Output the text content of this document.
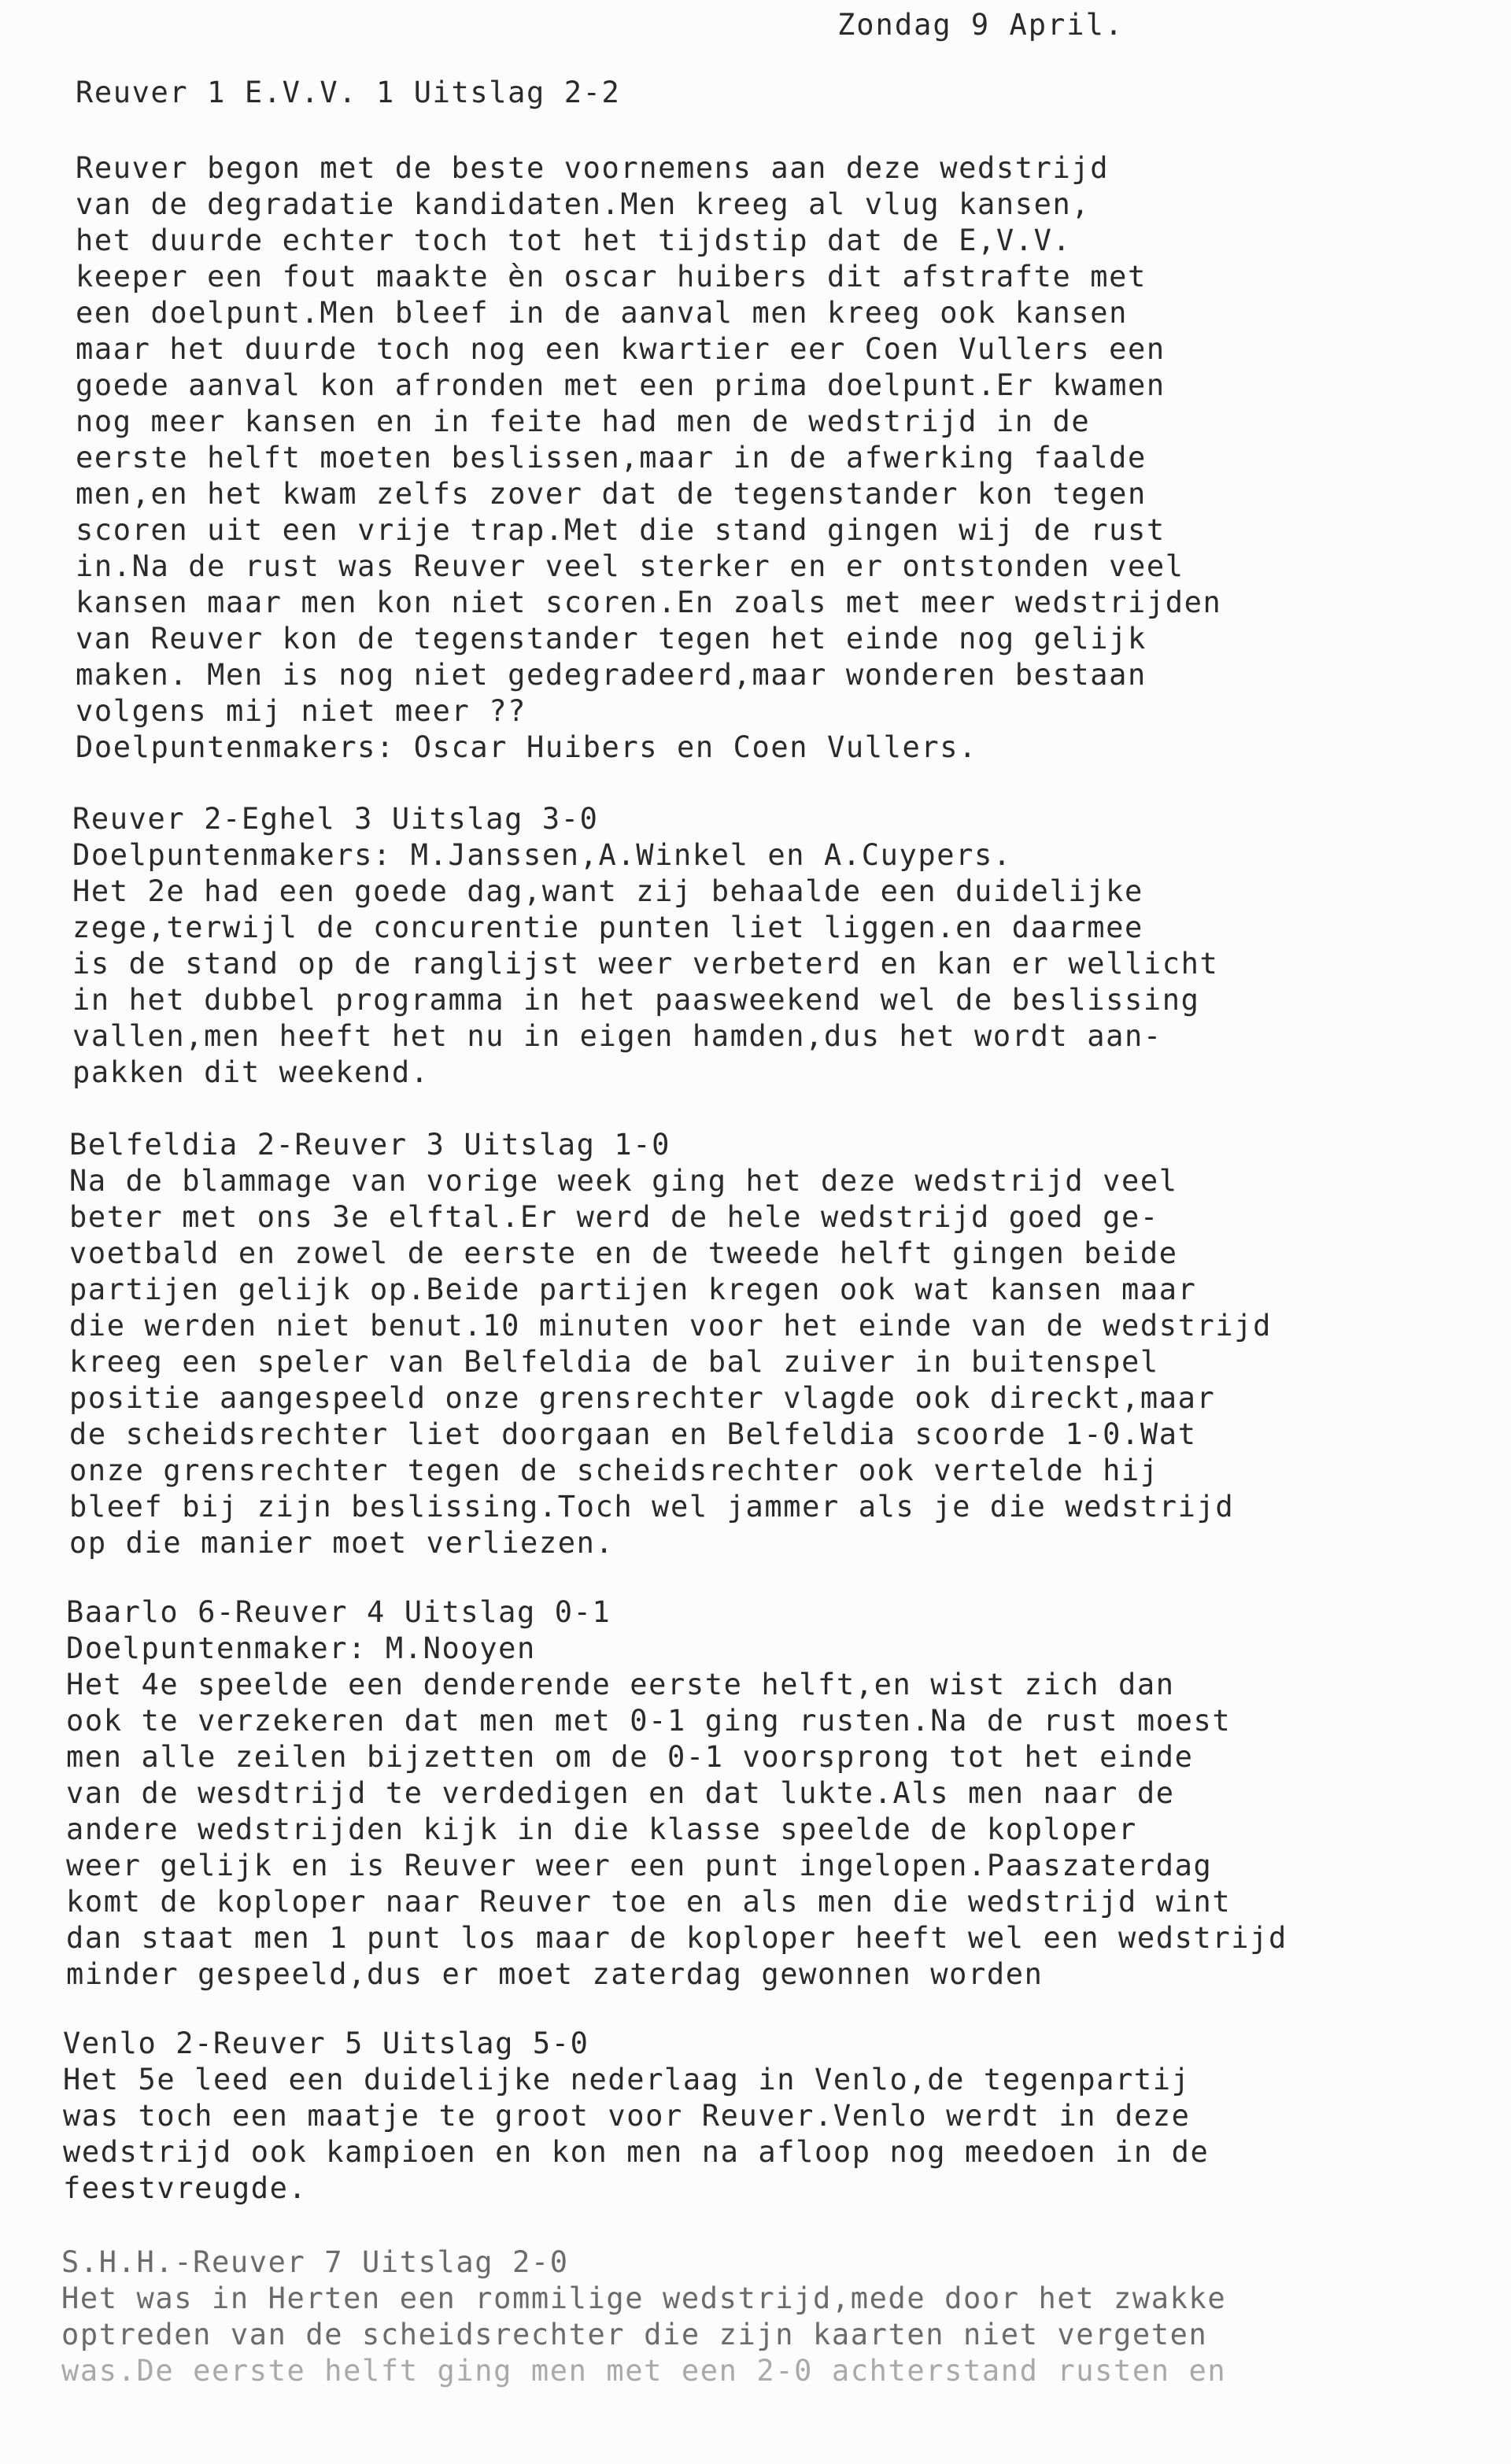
Zondag 9 April.
Reuver 1 E.V.V. 1 Uitslag 2-2
Reuver begon met de beste voornemens aan deze wedstrijd
van de degradatie kandidaten.Men kreeg al vlug kansen,
het duurde echter toch tot het tijdstip dat de E,V.V.
keeper een fout maakte èn oscar huibers dit afstrafte met
een doelpunt.Men bleef in de aanval men kreeg ook kansen
maar het duurde toch nog een kwartier eer Coen Vullers een
goede aanval kon afronden met een prima doelpunt.Er kwamen
nog meer kansen en in feite had men de wedstrijd in de
eerste helft moeten beslissen,maar in de afwerking faalde
men,en het kwam zelfs zover dat de tegenstander kon tegen
scoren uit een vrije trap.Met die stand gingen wij de rust
in.Na de rust was Reuver veel sterker en er ontstonden veel
kansen maar men kon niet scoren.En zoals met meer wedstrijden
van Reuver kon de tegenstander tegen het einde nog gelijk
maken. Men is nog niet gedegradeerd,maar wonderen bestaan
volgens mij niet meer ??
Doelpuntenmakers: Oscar Huibers en Coen Vullers.
Reuver 2-Eghel 3 Uitslag 3-0
Doelpuntenmakers: M.Janssen,A.Winkel en A.Cuypers.
Het 2e had een goede dag,want zij behaalde een duidelijke
zege,terwijl de concurentie punten liet liggen.en daarmee
is de stand op de ranglijst weer verbeterd en kan er wellicht
in het dubbel programma in het paasweekend wel de beslissing
vallen,men heeft het nu in eigen hamden,dus het wordt aan-
pakken dit weekend.
Belfeldia 2-Reuver 3 Uitslag 1-0
Na de blammage van vorige week ging het deze wedstrijd veel
beter met ons 3e elftal.Er werd de hele wedstrijd goed ge-
voetbald en zowel de eerste en de tweede helft gingen beide
partijen gelijk op.Beide partijen kregen ook wat kansen maar
die werden niet benut.10 minuten voor het einde van de wedstrijd
kreeg een speler van Belfeldia de bal zuiver in buitenspel
positie aangespeeld onze grensrechter vlagde ook direckt,maar
de scheidsrechter liet doorgaan en Belfeldia scoorde 1-0.Wat
onze grensrechter tegen de scheidsrechter ook vertelde hij
bleef bij zijn beslissing.Toch wel jammer als je die wedstrijd
op die manier moet verliezen.
Baarlo 6-Reuver 4 Uitslag 0-1
Doelpuntenmaker: M.Nooyen
Het 4e speelde een denderende eerste helft,en wist zich dan
ook te verzekeren dat men met 0-1 ging rusten.Na de rust moest
men alle zeilen bijzetten om de 0-1 voorsprong tot het einde
van de wesdtrijd te verdedigen en dat lukte.Als men naar de
andere wedstrijden kijk in die klasse speelde de koploper
weer gelijk en is Reuver weer een punt ingelopen.Paaszaterdag
komt de koploper naar Reuver toe en als men die wedstrijd wint
dan staat men 1 punt los maar de koploper heeft wel een wedstrijd
minder gespeeld,dus er moet zaterdag gewonnen worden
Venlo 2-Reuver 5 Uitslag 5-0
Het 5e leed een duidelijke nederlaag in Venlo,de tegenpartij
was toch een maatje te groot voor Reuver.Venlo werdt in deze
wedstrijd ook kampioen en kon men na afloop nog meedoen in de
feestvreugde.
S.H.H.-Reuver 7 Uitslag 2-0
Het was in Herten een rommilige wedstrijd,mede door het zwakke
optreden van de scheidsrechter die zijn kaarten niet vergeten
was.De eerste helft ging men met een 2-0 achterstand rusten en
